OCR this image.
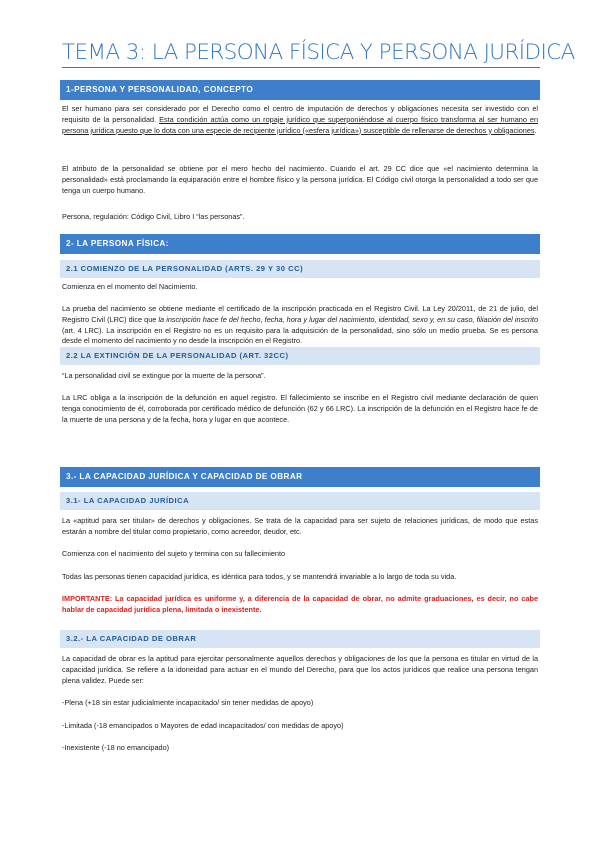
TEMA 3: LA PERSONA FÍSICA Y PERSONA JURÍDICA
1-PERSONA Y PERSONALIDAD, CONCEPTO
El ser humano para ser considerado por el Derecho como el centro de imputación de derechos y obligaciones necesita ser investido con el requisito de la personalidad. Esta condición actúa como un ropaje jurídico que superponiéndose al cuerpo físico transforma al ser humano en persona jurídica puesto que lo dota con una especie de recipiente jurídico («esfera jurídica») susceptible de rellenarse de derechos y obligaciones.
El atributo de la personalidad se obtiene por el mero hecho del nacimiento. Cuando el art. 29 CC dice que «el nacimiento determina la personalidad» está proclamando la equiparación entre el hombre físico y la persona jurídica. El Código civil otorga la personalidad a todo ser que tenga un cuerpo humano.
Persona, regulación: Código Civil, Libro I “las personas”.
2- LA PERSONA FÍSICA:
2.1 COMIENZO DE LA PERSONALIDAD (ARTS. 29 Y 30 CC)
Comienza en el momento del Nacimiento.
La prueba del nacimiento se obtiene mediante el certificado de la inscripción practicada en el Registro Civil. La Ley 20/2011, de 21 de julio, del Registro Civil (LRC) dice que la inscripción hace fe del hecho, fecha, hora y lugar del nacimiento, identidad, sexo y, en su caso, filiación del inscrito (art. 4 LRC). La inscripción en el Registro no es un requisito para la adquisición de la personalidad, sino sólo un medio prueba. Se es persona desde el momento del nacimiento y no desde la inscripción en el Registro.
2.2 LA EXTINCIÓN DE LA PERSONALIDAD (ART. 32CC)
“La personalidad civil se extingue por la muerte de la persona”.
La LRC obliga a la inscripción de la defunción en aquel registro. El fallecimiento se inscribe en el Registro civil mediante declaración de quien tenga conocimiento de él, corroborada por certificado médico de defunción (62 y 66 LRC). La inscripción de la defunción en el Registro hace fe de la muerte de una persona y de la fecha, hora y lugar en que acontece.
3.- LA CAPACIDAD JURÍDICA Y CAPACIDAD DE OBRAR
3.1- LA CAPACIDAD JURÍDICA
La «aptitud para ser titular» de derechos y obligaciones. Se trata de la capacidad para ser sujeto de relaciones jurídicas, de modo que estas estarán a nombre del titular como propietario, como acreedor, deudor, etc.
Comienza con el nacimiento del sujeto y termina con su fallecimiento
Todas las personas tienen capacidad jurídica, es idéntica para todos, y se mantendrá invariable a lo largo de toda su vida.
IMPORTANTE: La capacidad jurídica es uniforme y, a diferencia de la capacidad de obrar, no admite graduaciones, es decir, no cabe hablar de capacidad jurídica plena, limitada o inexistente.
3.2.- LA CAPACIDAD DE OBRAR
La capacidad de obrar es la aptitud para ejercitar personalmente aquellos derechos y obligaciones de los que la persona es titular en virtud de la capacidad jurídica. Se refiere a la idoneidad para actuar en el mundo del Derecho, para que los actos jurídicos que realice una persona tengan plena validez. Puede ser:
-Plena (+18 sin estar judicialmente incapacitado/ sin tener medidas de apoyo)
-Limitada (-18 emancipados o Mayores de edad incapacitados/ con medidas de apoyo)
-Inexistente (-18 no emancipado)
